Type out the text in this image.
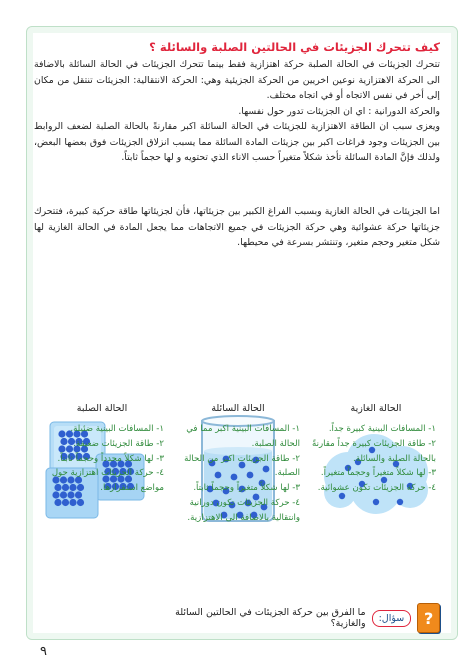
كيف تتحرك الجزيئات في الحالتين الصلبة والسائلة ؟

تتحرك الجزيئات في الحالة الصلبة حركة اهتزازية فقط بينما تتحرك الجزيئات في الحالة السائلة بالاضافة الى الحركة الاهتزازية نوعين اخريين من الحركة الجزيئية وهي: الحركة الانتقالية: الجزيئات تنتقل من مكان إلى أخر في نفس الاتجاه أو في اتجاه مختلف.

والحركة الدورانية : اي ان الجزيئات تدور حول نفسها.

ويعزى سبب ان الطاقة الاهتزازية للجزيئات في الحالة السائلة اكبر مقارنةً بالحالة الصلبة لضعف الروابط بين الجزيئات وجود فراغات اكبر بين جزيئات المادة السائلة مما يسبب انزلاق الجزيئات فوق بعضها البعض، ولذلك فإنَّ المادة السائلة تأخذ شكلاً متغيراً حسب الاناء الذي تحتويه و لها حجماً ثابتاً.

اما الجزيئات في الحالة الغازية وبسبب الفراغ الكبير بين جزيئاتها، فأن لجزيئاتها طاقة حركية كبيرة، فتتحرك جزيئاتها حركة عشوائية وهي حركة الجزيئات في جميع الاتجاهات مما يجعل المادة في الحالة الغازية لها شكل متغير وحجم متغير، وتنتشر بسرعة في محيطها.

الحالة الصلبة	الحالة السائلة	الحالة الغازية
١- المسافات البينية ضئيلة.
٢- طاقة الجزيئات ضعيفة.
٣- لها شكلاً محدداً وحجماً ثابتاً.
٤- حركة الجزيئات اهتزازية حول مواضع استقرارها.
١- المسافات البينية اكبر مما في الحالة الصلبة.
٢- طاقة الجزيئات اكبر من الحالة الصلبة.
٣- لها شكلاً متغيراً وحجماً ثابتاً.
٤- حركة الجزيئات تكون دورانية وانتقالية بالاضافة الى الاهتزازية.
١- المسافات البينية كبيرة جداً.
٢- طاقة الجزيئات كبيرة جداً مقارنةً بالحالة الصلبة والسائلة.
٣- لها شكلاً متغيراً وحجماً متغيراً.
٤- حركة الجزيئات تكون عشوائية.
?
سؤال:
ما الفرق بين حركة الجزيئات في الحالتين السائلة والغازية؟
٩
